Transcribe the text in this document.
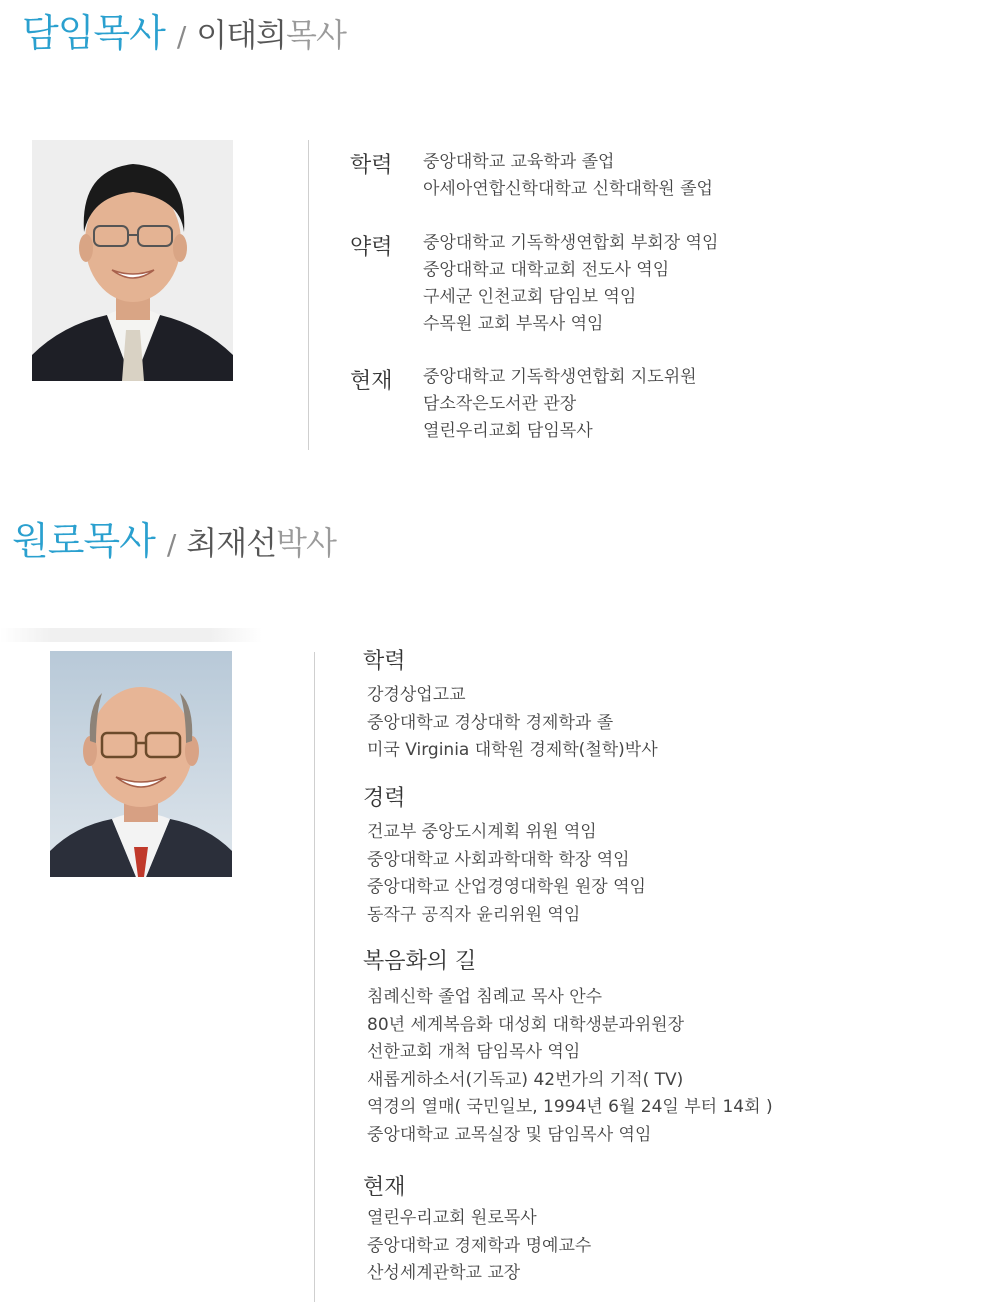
담임목사 / 이태희목사
학력 중앙대학교 교육학과 졸업
아세아연합신학대학교 신학대학원 졸업
약력 중앙대학교 기독학생연합회 부회장 역임
중앙대학교 대학교회 전도사 역임
구세군 인천교회 담임보 역임
수목원 교회 부목사 역임
현재 중앙대학교 기독학생연합회 지도위원
담소작은도서관 관장
열린우리교회 담임목사
원로목사 / 최재선박사
학력
강경상업고교
중앙대학교 경상대학 경제학과 졸
미국 Virginia 대학원 경제학(철학)박사
경력
건교부 중앙도시계획 위원 역임
중앙대학교 사회과학대학 학장 역임
중앙대학교 산업경영대학원 원장 역임
동작구 공직자 윤리위원 역임
복음화의 길
침례신학 졸업 침례교 목사 안수
80년 세계복음화 대성회 대학생분과위원장
선한교회 개척 담임목사 역임
새롭게하소서(기독교) 42번가의 기적( TV)
역경의 열매( 국민일보, 1994년 6월 24일 부터 14회 )
중앙대학교 교목실장 및 담임목사 역임
현재
열린우리교회 원로목사
중앙대학교 경제학과 명예교수
산성세계관학교 교장
